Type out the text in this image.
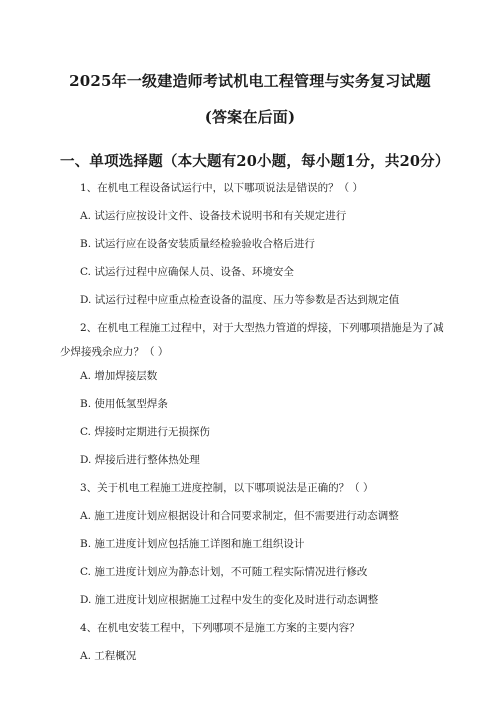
2025年一级建造师考试机电工程管理与实务复习试题
(答案在后面)
一、单项选择题（本大题有20小题，每小题1分，共20分）
1、在机电工程设备试运行中，以下哪项说法是错误的？（ ）
A. 试运行应按设计文件、设备技术说明书和有关规定进行
B. 试运行应在设备安装质量经检验验收合格后进行
C. 试运行过程中应确保人员、设备、环境安全
D. 试运行过程中应重点检查设备的温度、压力等参数是否达到规定值
2、在机电工程施工过程中，对于大型热力管道的焊接，下列哪项措施是为了减少焊接残余应力？（ ）
A. 增加焊接层数
B. 使用低氢型焊条
C. 焊接时定期进行无损探伤
D. 焊接后进行整体热处理
3、关于机电工程施工进度控制，以下哪项说法是正确的？（ ）
A. 施工进度计划应根据设计和合同要求制定，但不需要进行动态调整
B. 施工进度计划应包括施工详图和施工组织设计
C. 施工进度计划应为静态计划，不可随工程实际情况进行修改
D. 施工进度计划应根据施工过程中发生的变化及时进行动态调整
4、在机电安装工程中，下列哪项不是施工方案的主要内容？
A. 工程概况
